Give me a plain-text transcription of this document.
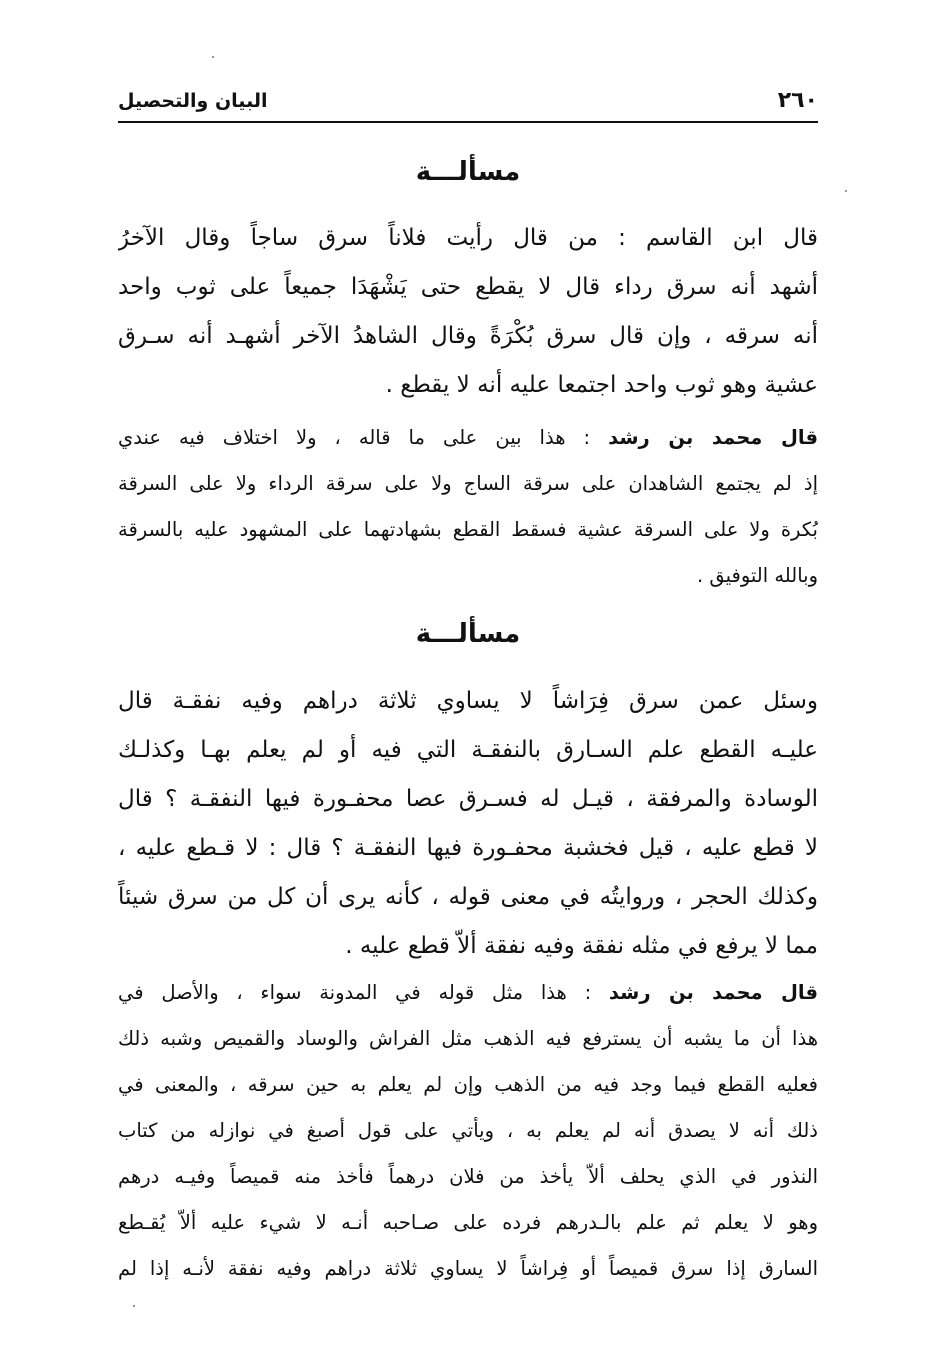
٢٦٠
البيان والتحصيل
مسألـــة
قال ابن القاسم : من قال رأيت فلاناً سرق ساجاً وقال الآخرُ
أشهد أنه سرق رداء قال لا يقطع حتى يَشْهَدَا جميعاً على ثوب واحد
أنه سرقه ، وإن قال سرق بُكْرَةً وقال الشاهدُ الآخر أشهـد أنه سـرق
عشية وهو ثوب واحد اجتمعا عليه أنه لا يقطع .
قال محمد بن رشد : هذا بين على ما قاله ، ولا اختلاف فيه عندي
إذ لم يجتمع الشاهدان على سرقة الساج ولا على سرقة الرداء ولا على السرقة
بُكرة ولا على السرقة عشية فسقط القطع بشهادتهما على المشهود عليه بالسرقة
وبالله التوفيق .
مسألـــة
وسئل عمن سرق فِرَاشاً لا يساوي ثلاثة دراهم وفيه نفقـة قال
عليـه القطع علم السـارق بالنفقـة التي فيه أو لم يعلم بهـا وكذلـك
الوسادة والمرفقة ، قيـل له فسـرق عصا محفـورة فيها النفقـة ؟ قال
لا قطع عليه ، قيل فخشبة محفـورة فيها النفقـة ؟ قال : لا قـطع عليه ،
وكذلك الحجر ، وروايتُه في معنى قوله ، كأنه يرى أن كل من سرق شيئاً
مما لا يرفع في مثله نفقة وفيه نفقة ألاّ قطع عليه .
قال محمد بن رشد : هذا مثل قوله في المدونة سواء ، والأصل في
هذا أن ما يشبه أن يسترفع فيه الذهب مثل الفراش والوساد والقميص وشبه ذلك
فعليه القطع فيما وجد فيه من الذهب وإن لم يعلم به حين سرقه ، والمعنى في
ذلك أنه لا يصدق أنه لم يعلم به ، ويأتي على قول أصبغ في نوازله من كتاب
النذور في الذي يحلف ألاّ يأخذ من فلان درهماً فأخذ منه قميصاً وفيـه درهم
وهو لا يعلم ثم علم بالـدرهم فرده على صـاحبه أنـه لا شيء عليه ألاّ يُقـطع
السارق إذا سرق قميصاً أو فِراشاً لا يساوي ثلاثة دراهم وفيه نفقة لأنـه إذا لم
